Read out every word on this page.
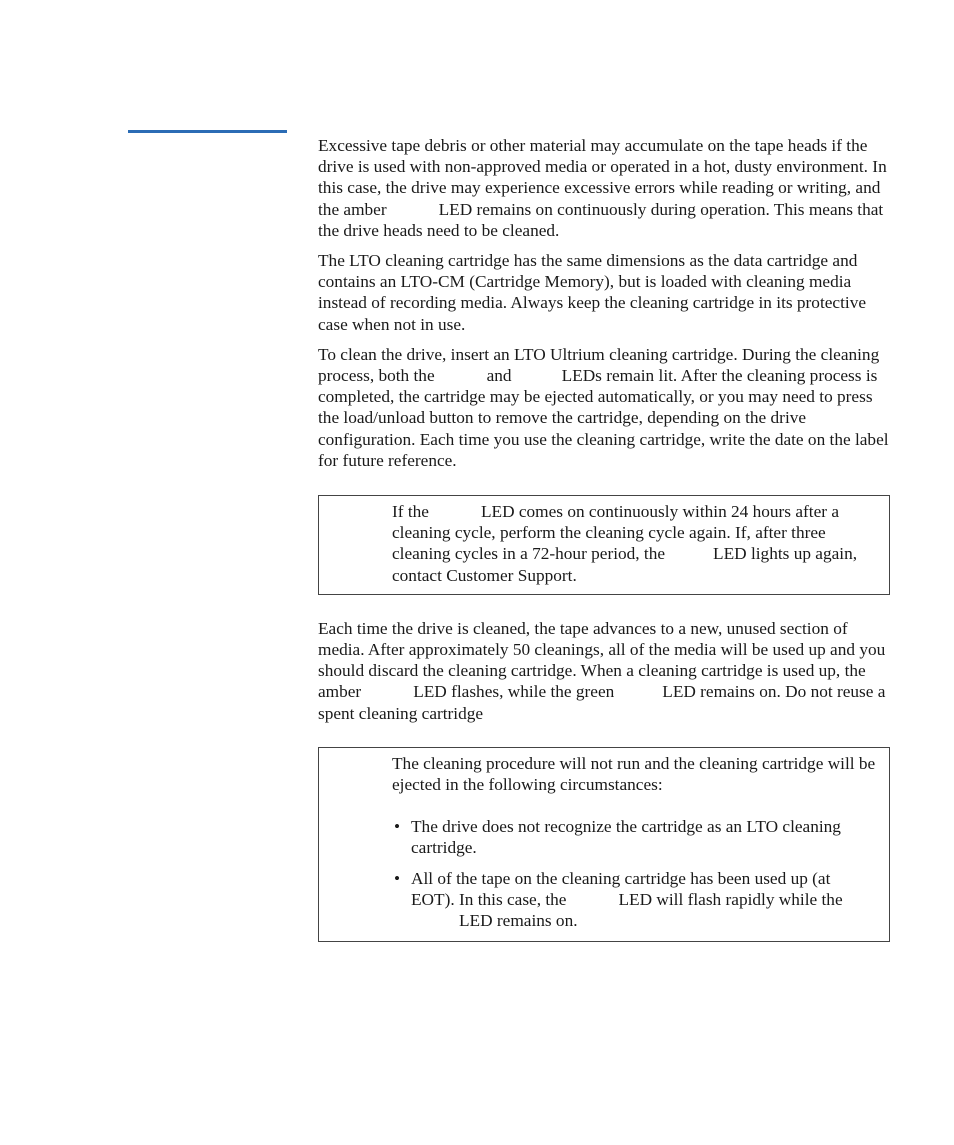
Excessive tape debris or other material may accumulate on the tape heads if the drive is used with non-approved media or operated in a hot, dusty environment. In this case, the drive may experience excessive errors while reading or writing, and the amber	LED remains on continuously during operation. This means that the drive heads need to be cleaned.

The LTO cleaning cartridge has the same dimensions as the data cartridge and contains an LTO-CM (Cartridge Memory), but is loaded with cleaning media instead of recording media. Always keep the cleaning cartridge in its protective case when not in use.

To clean the drive, insert an LTO Ultrium cleaning cartridge. During the cleaning process, both the	and	LEDs remain lit. After the cleaning process is completed, the cartridge may be ejected automatically, or you may need to press the load/unload button to remove the cartridge, depending on the drive configuration. Each time you use the cleaning cartridge, write the date on the label for future reference.

If the	LED comes on continuously within 24 hours after a cleaning cycle, perform the cleaning cycle again. If, after three cleaning cycles in a 72-hour period, the	LED lights up again, contact Customer Support.

Each time the drive is cleaned, the tape advances to a new, unused section of media. After approximately 50 cleanings, all of the media will be used up and you should discard the cleaning cartridge. When a cleaning cartridge is used up, the amber	LED flashes, while the green	LED remains on. Do not reuse a spent cleaning cartridge

The cleaning procedure will not run and the cleaning cartridge will be ejected in the following circumstances:

• The drive does not recognize the cartridge as an LTO cleaning cartridge.
• All of the tape on the cleaning cartridge has been used up (at EOT). In this case, the	LED will flash rapidly while theLED remains on.
